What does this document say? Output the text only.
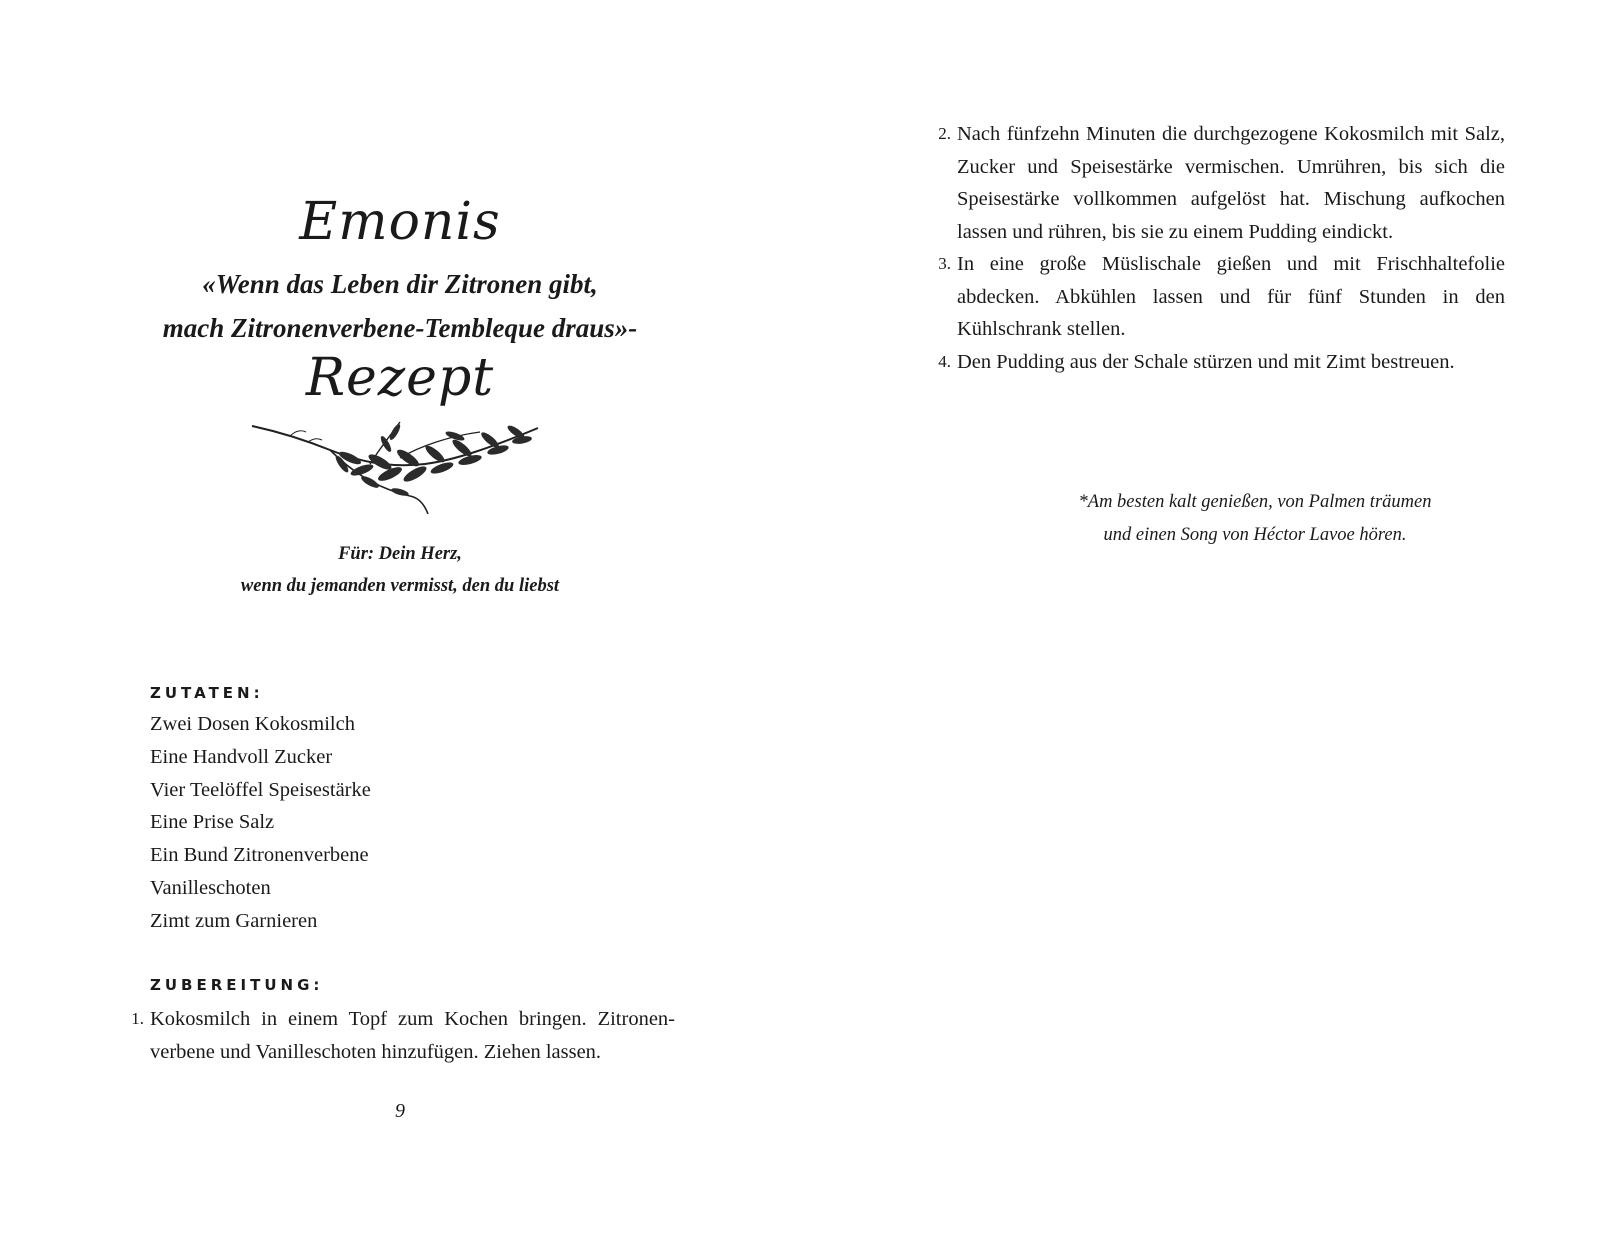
Emonis
«Wenn das Leben dir Zitronen gibt,
mach Zitronenverbene-Tembleque draus»-
Rezept
Für: Dein Herz,
wenn du jemanden vermisst, den du liebst
ZUTATEN:
Zwei Dosen Kokosmilch
Eine Handvoll Zucker
Vier Teelöffel Speisestärke
Eine Prise Salz
Ein Bund Zitronenverbene
Vanilleschoten
Zimt zum Garnieren
ZUBEREITUNG:
1. Kokosmilch in einem Topf zum Kochen bringen. Zitronenverbene und Vanilleschoten hinzufügen. Ziehen lassen.
9
2. Nach fünfzehn Minuten die durchgezogene Kokosmilch mit Salz, Zucker und Speisestärke vermischen. Umrühren, bis sich die Speisestärke vollkommen aufgelöst hat. Mischung aufkochen lassen und rühren, bis sie zu einem Pudding eindickt.
3. In eine große Müslischale gießen und mit Frischhaltefolie abdecken. Abkühlen lassen und für fünf Stunden in den Kühlschrank stellen.
4. Den Pudding aus der Schale stürzen und mit Zimt bestreuen.
*Am besten kalt genießen, von Palmen träumen
und einen Song von Héctor Lavoe hören.
